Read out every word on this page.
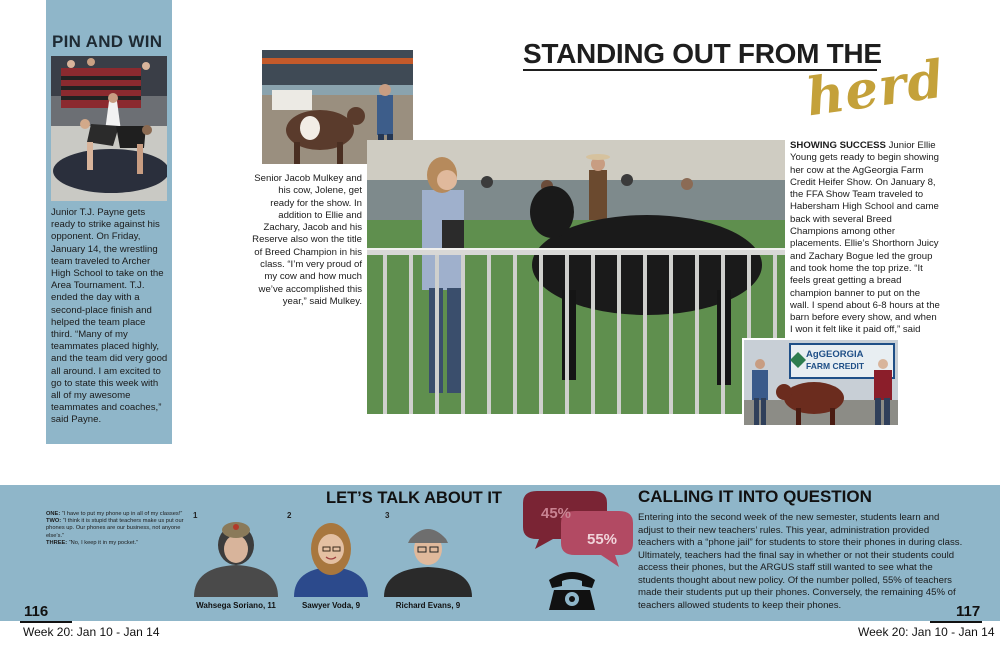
PIN AND WIN
Junior T.J. Payne gets ready to strike against his opponent. On Friday, January 14, the wrestling team traveled to Archer High School to take on the Area Tournament. T.J. ended the day with a second-place finish and helped the team place third. “Many of my teammates placed highly, and the team did very good all around. I am excited to go to state this week with all of my awesome teammates and coaches,” said Payne.
STANDING OUT FROM THE
herd
Senior Jacob Mulkey and his cow, Jolene, get ready for the show. In addition to Ellie and Zachary, Jacob and his Reserve also won the title of Breed Champion in his class. “I’m very proud of my cow and how much we’ve accomplished this year,” said Mulkey.
SHOWING SUCCESS Junior Ellie Young gets ready to begin showing her cow at the AgGeorgia Farm Credit Heifer Show. On January 8, the FFA Show Team traveled to Habersham High School and came back with several Breed Champions among other placements. Ellie’s Shorthorn Juicy and Zachary Bogue led the group and took home the top prize. “It feels great getting a bread champion banner to put on the wall. I spend about 6-8 hours at the barn before every show, and when I won it felt like it paid off,” said
AgGEORGIA
FARM CREDIT
LET’S TALK ABOUT IT
ONE: “I have to put my phone up in all of my classes!”
TWO: “I think it is stupid that teachers make us put our phones up. Our phones are our business, not anyone else’s.”
THREE: “No, I keep it in my pocket.”
1
Wahsega Soriano, 11
2
Sawyer Voda, 9
3
Richard Evans, 9
45%
55%
CALLING IT INTO QUESTION
Entering into the second week of the new semester, students learn and adjust to their new teachers’ rules. This year, administration provided teachers with a “phone jail” for students to store their phones in during class. Ultimately, teachers had the final say in whether or not their students could access their phones, but the ARGUS staff still wanted to see what the students thought about new policy. Of the number polled, 55% of teachers made their students put up their phones. Conversely, the remaining 45% of teachers allowed students to keep their phones.
116
Week 20: Jan 10 - Jan 14
117
Week 20: Jan 10 - Jan 14
